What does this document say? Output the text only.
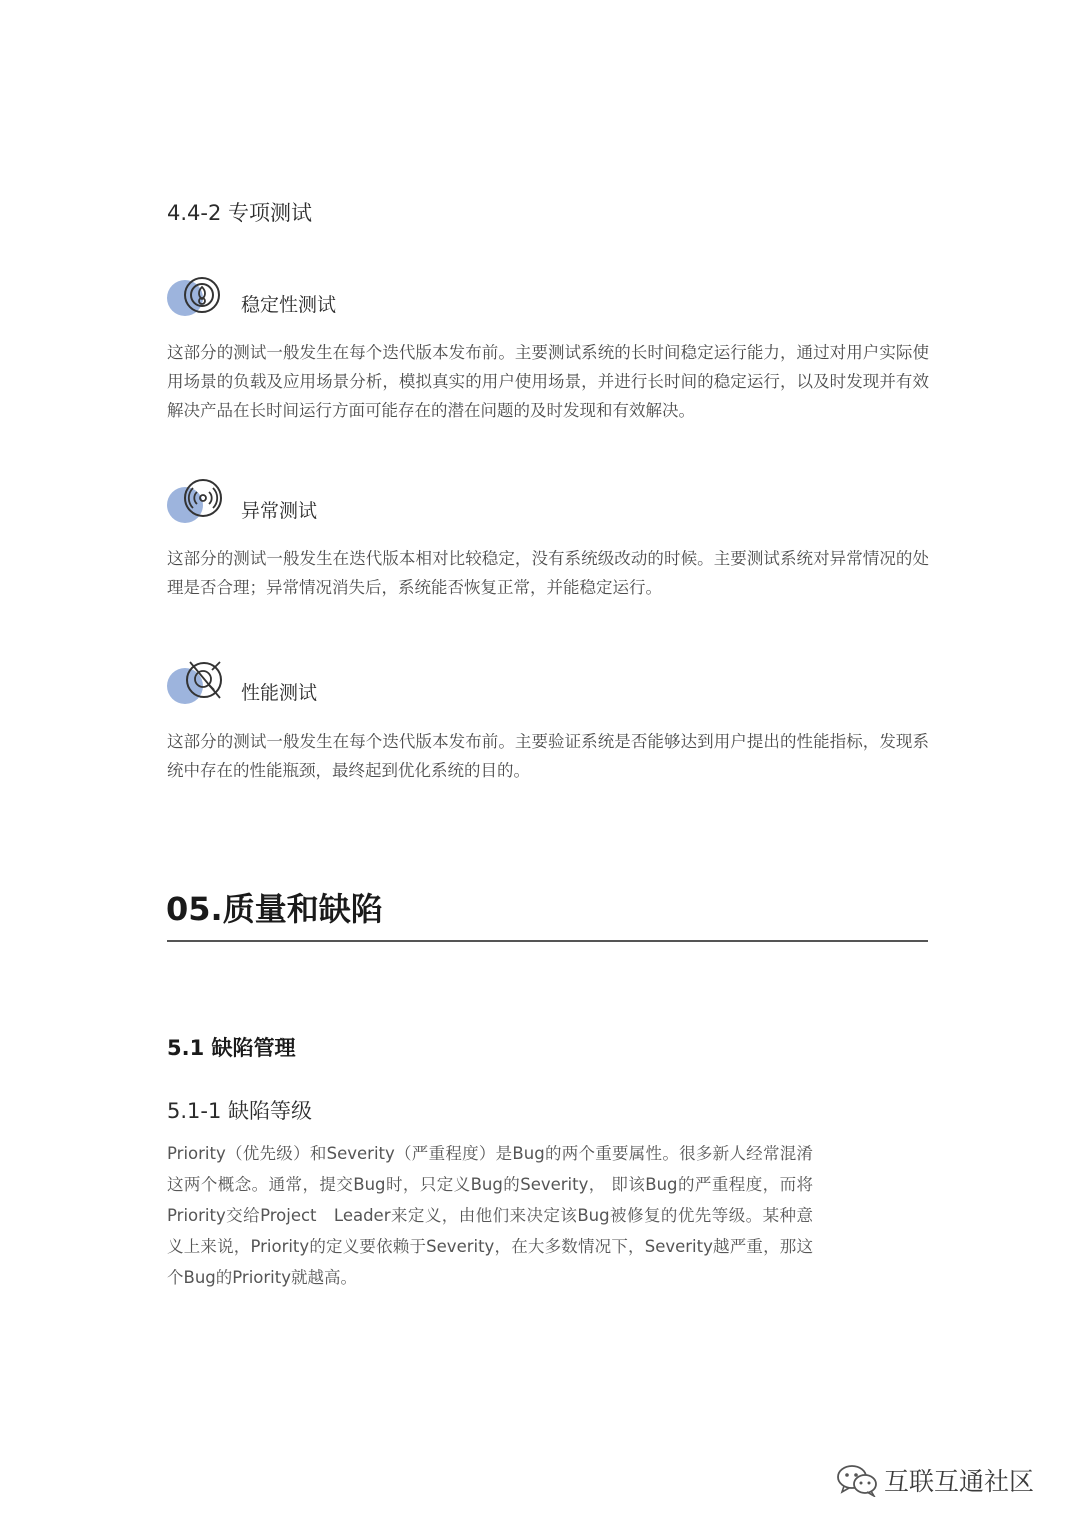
4.4-2 专项测试
稳定性测试
这部分的测试一般发生在每个迭代版本发布前。主要测试系统的长时间稳定运行能力，通过对用户实际使用场景的负载及应用场景分析，模拟真实的用户使用场景，并进行长时间的稳定运行，以及时发现并有效解决产品在长时间运行方面可能存在的潜在问题的及时发现和有效解决。
异常测试
这部分的测试一般发生在迭代版本相对比较稳定，没有系统级改动的时候。主要测试系统对异常情况的处理是否合理；异常情况消失后，系统能否恢复正常，并能稳定运行。
性能测试
这部分的测试一般发生在每个迭代版本发布前。主要验证系统是否能够达到用户提出的性能指标，发现系统中存在的性能瓶颈，最终起到优化系统的目的。
05.质量和缺陷
5.1 缺陷管理
5.1-1 缺陷等级
Priority（优先级）和Severity（严重程度）是Bug的两个重要属性。很多新人经常混淆这两个概念。通常，提交Bug时，只定义Bug的Severity， 即该Bug的严重程度，而将Priority交给Project　Leader来定义，由他们来决定该Bug被修复的优先等级。某种意义上来说，Priority的定义要依赖于Severity，在大多数情况下，Severity越严重，那这个Bug的Priority就越高。
互联互通社区
